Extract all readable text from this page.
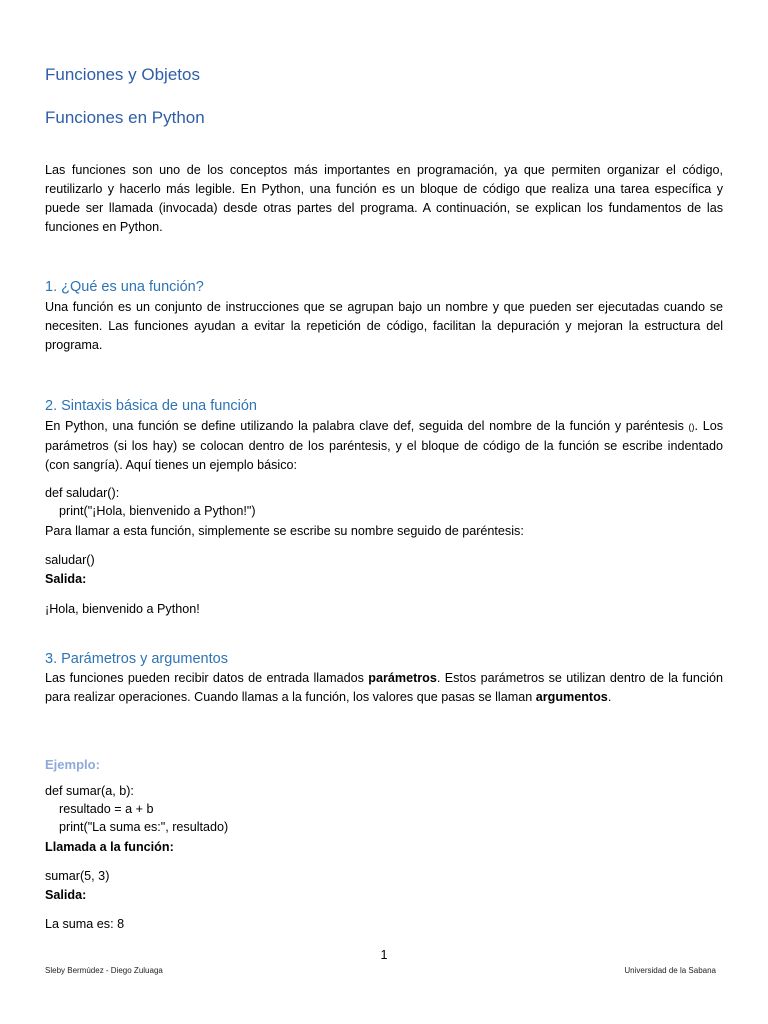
Funciones y Objetos
Funciones en Python
Las funciones son uno de los conceptos más importantes en programación, ya que permiten organizar el código, reutilizarlo y hacerlo más legible. En Python, una función es un bloque de código que realiza una tarea específica y puede ser llamada (invocada) desde otras partes del programa. A continuación, se explican los fundamentos de las funciones en Python.
1. ¿Qué es una función?
Una función es un conjunto de instrucciones que se agrupan bajo un nombre y que pueden ser ejecutadas cuando se necesiten. Las funciones ayudan a evitar la repetición de código, facilitan la depuración y mejoran la estructura del programa.
2. Sintaxis básica de una función
En Python, una función se define utilizando la palabra clave def, seguida del nombre de la función y paréntesis (). Los parámetros (si los hay) se colocan dentro de los paréntesis, y el bloque de código de la función se escribe indentado (con sangría). Aquí tienes un ejemplo básico:
def saludar():
print("¡Hola, bienvenido a Python!")
Para llamar a esta función, simplemente se escribe su nombre seguido de paréntesis:
saludar()
Salida:
¡Hola, bienvenido a Python!
3. Parámetros y argumentos
Las funciones pueden recibir datos de entrada llamados parámetros. Estos parámetros se utilizan dentro de la función para realizar operaciones. Cuando llamas a la función, los valores que pasas se llaman argumentos.
Ejemplo:
def sumar(a, b):
resultado = a + b
print("La suma es:", resultado)
Llamada a la función:
sumar(5, 3)
Salida:
La suma es: 8
1
Sleby Bermúdez - Diego Zuluaga	Universidad de la Sabana
